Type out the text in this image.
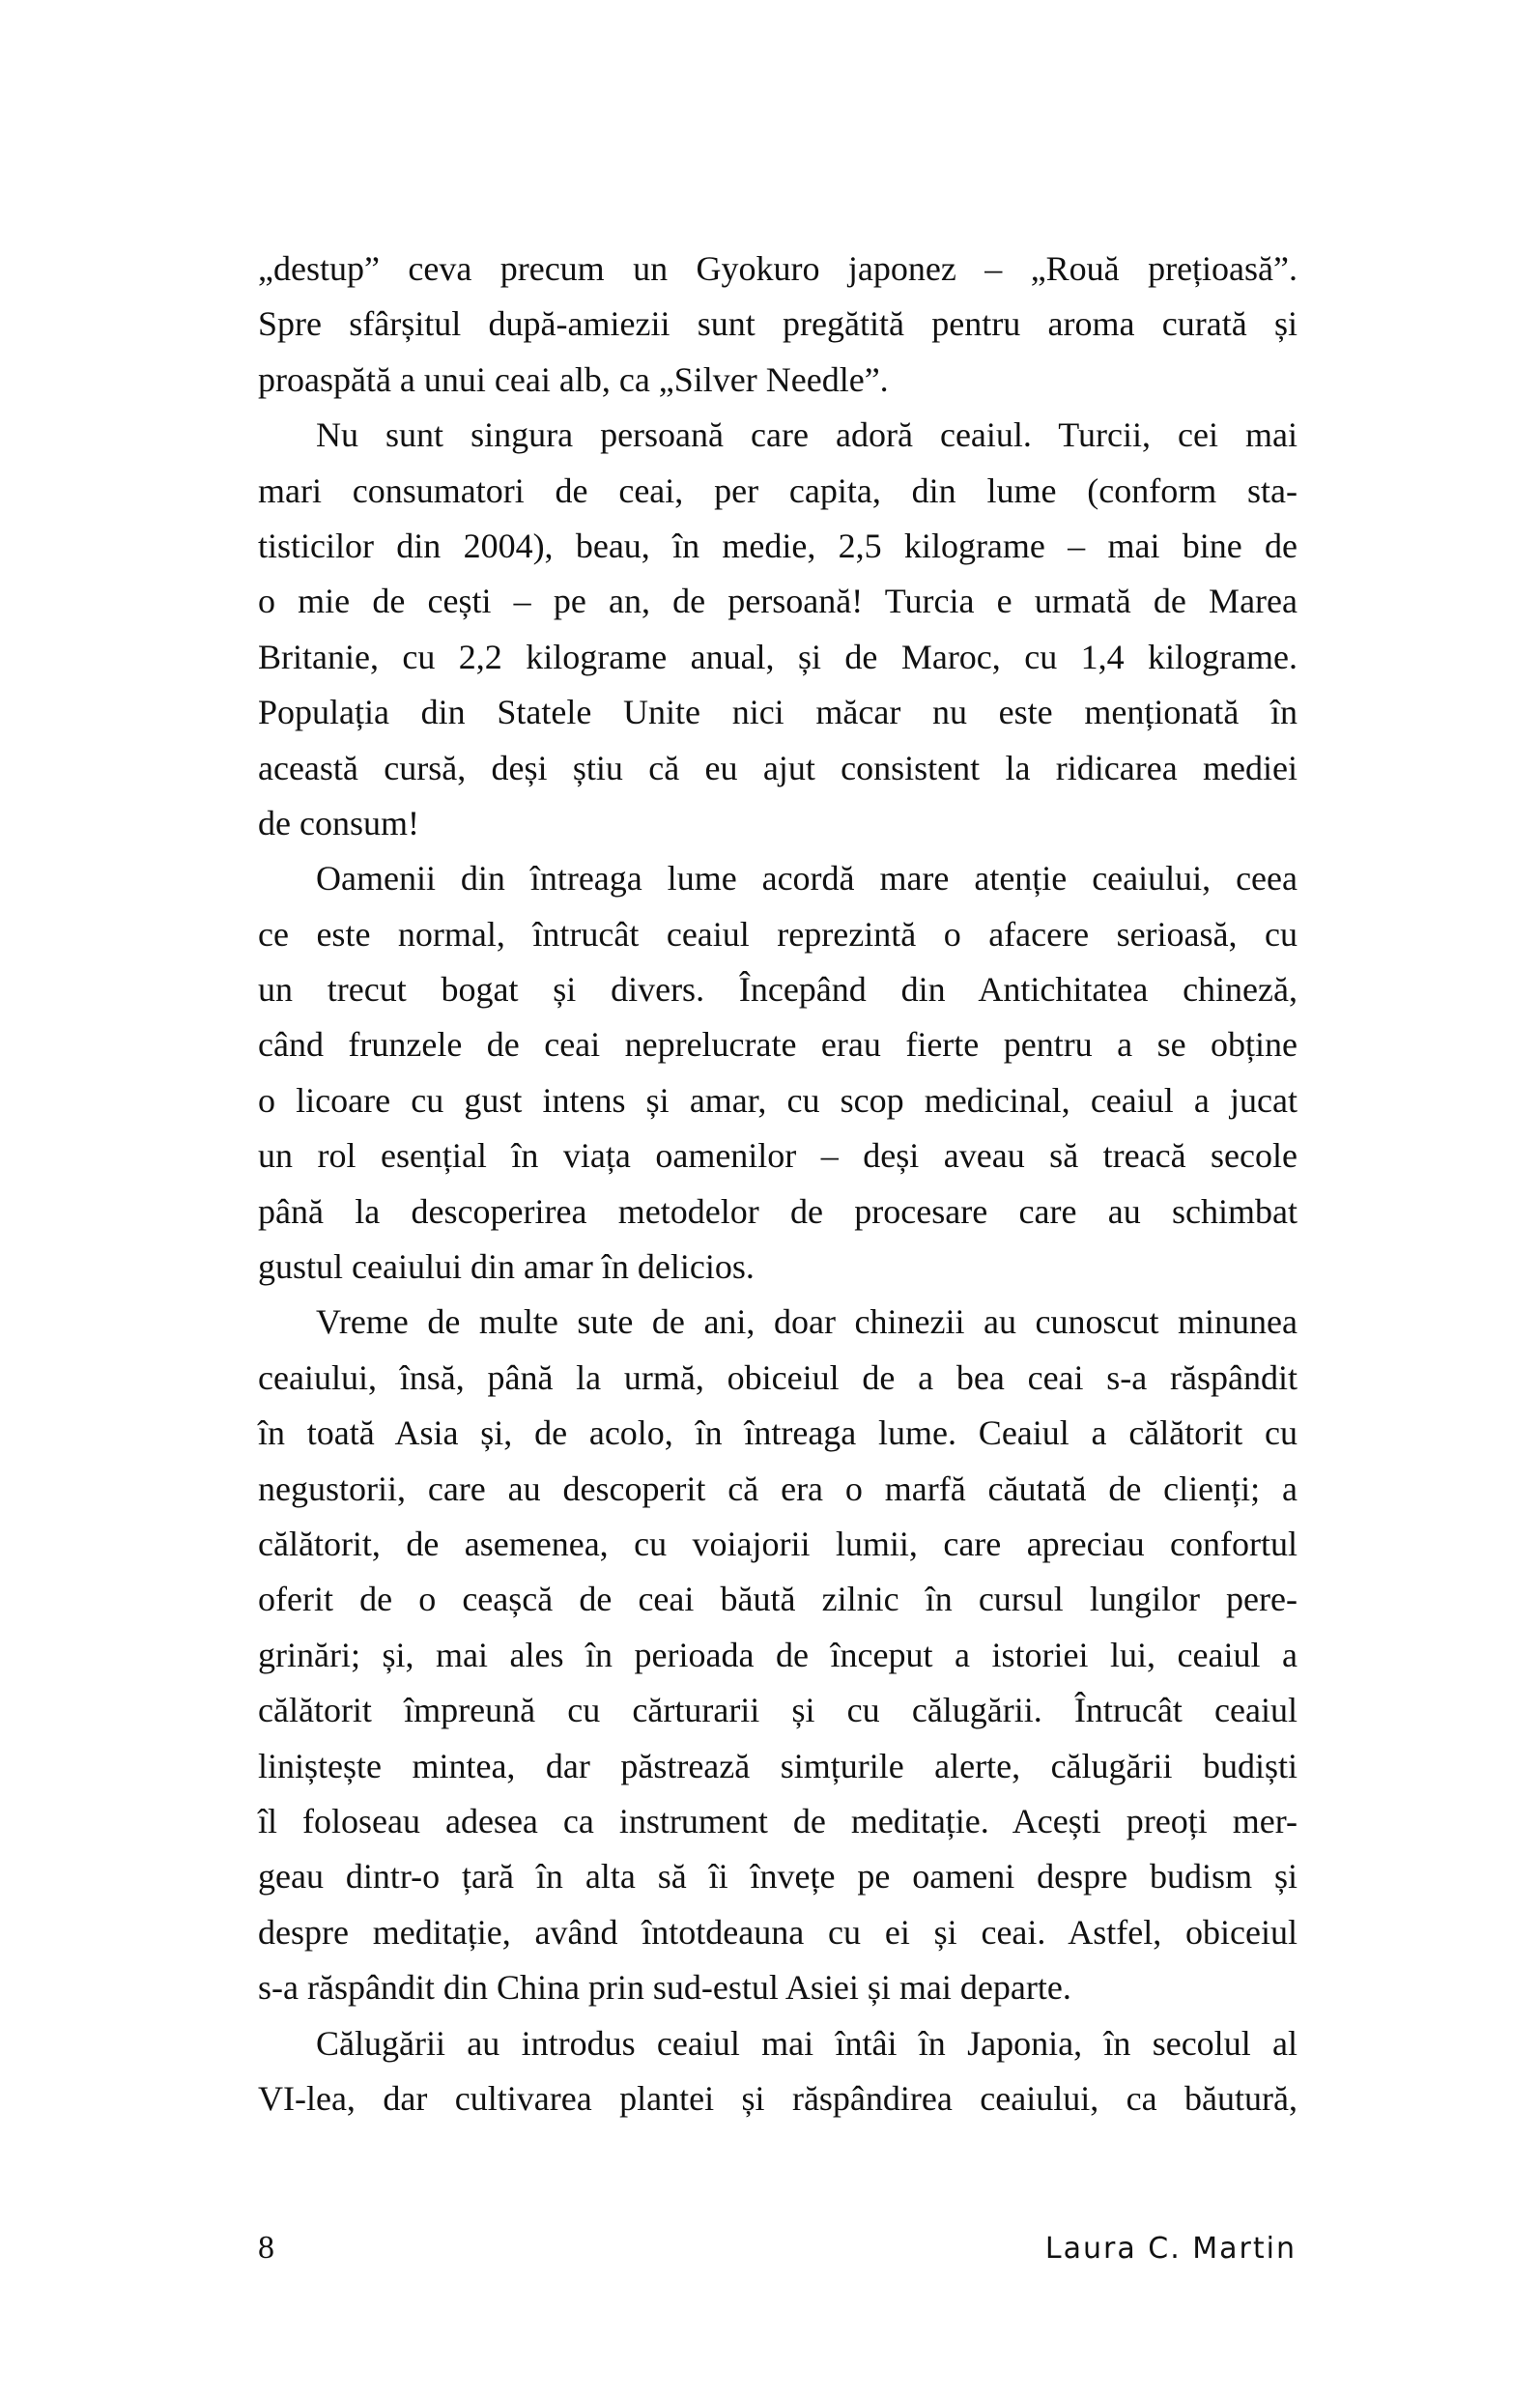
„destup” ceva precum un Gyokuro japonez – „Rouă prețioasă”.
Spre sfârșitul după-amiezii sunt pregătită pentru aroma curată și
proaspătă a unui ceai alb, ca „Silver Needle”.
Nu sunt singura persoană care adoră ceaiul. Turcii, cei mai
mari consumatori de ceai, per capita, din lume (conform sta-
tisticilor din 2004), beau, în medie, 2,5 kilograme – mai bine de
o mie de cești – pe an, de persoană! Turcia e urmată de Marea
Britanie, cu 2,2 kilograme anual, și de Maroc, cu 1,4 kilograme.
Populația din Statele Unite nici măcar nu este menționată în
această cursă, deși știu că eu ajut consistent la ridicarea mediei
de consum!
Oamenii din întreaga lume acordă mare atenție ceaiului, ceea
ce este normal, întrucât ceaiul reprezintă o afacere serioasă, cu
un trecut bogat și divers. Începând din Antichitatea chineză,
când frunzele de ceai neprelucrate erau fierte pentru a se obține
o licoare cu gust intens și amar, cu scop medicinal, ceaiul a jucat
un rol esențial în viața oamenilor – deși aveau să treacă secole
până la descoperirea metodelor de procesare care au schimbat
gustul ceaiului din amar în delicios.
Vreme de multe sute de ani, doar chinezii au cunoscut minunea
ceaiului, însă, până la urmă, obiceiul de a bea ceai s-a răspândit
în toată Asia și, de acolo, în întreaga lume. Ceaiul a călătorit cu
negustorii, care au descoperit că era o marfă căutată de clienți; a
călătorit, de asemenea, cu voiajorii lumii, care apreciau confortul
oferit de o ceașcă de ceai băută zilnic în cursul lungilor pere-
grinări; și, mai ales în perioada de început a istoriei lui, ceaiul a
călătorit împreună cu cărturarii și cu călugării. Întrucât ceaiul
liniștește mintea, dar păstrează simțurile alerte, călugării budiști
îl foloseau adesea ca instrument de meditație. Acești preoți mer-
geau dintr-o țară în alta să îi învețe pe oameni despre budism și
despre meditație, având întotdeauna cu ei și ceai. Astfel, obiceiul
s-a răspândit din China prin sud-estul Asiei și mai departe.
Călugării au introdus ceaiul mai întâi în Japonia, în secolul al
VI-lea, dar cultivarea plantei și răspândirea ceaiului, ca băutură,
8	Laura C. Martin
